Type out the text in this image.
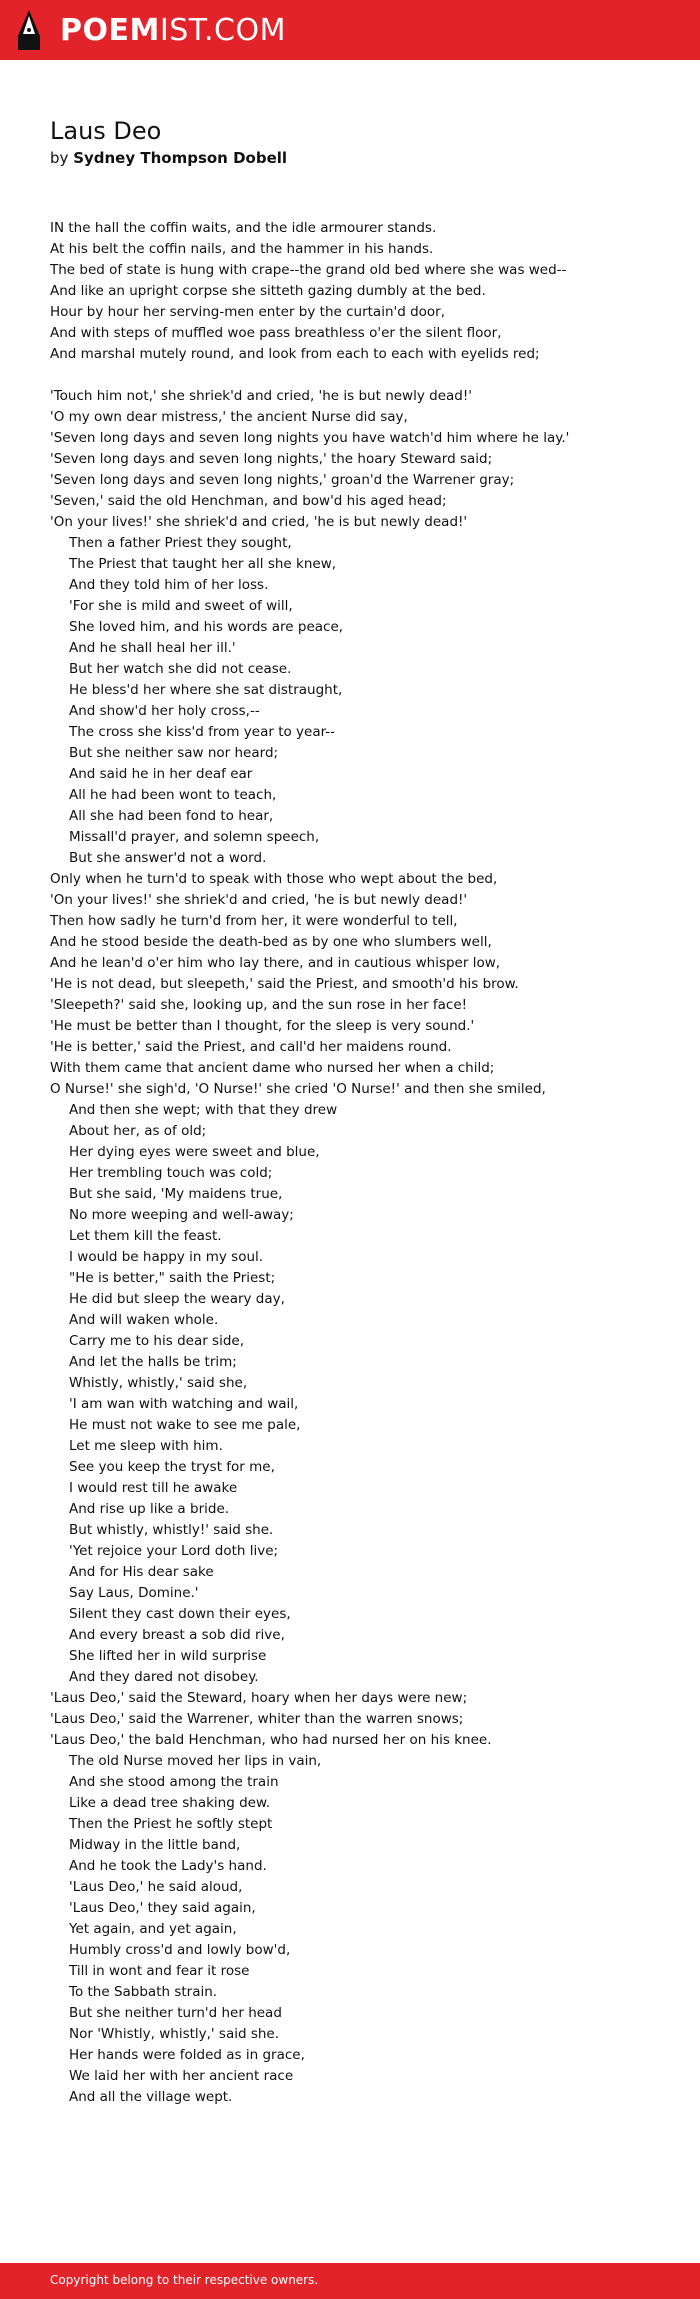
POEMIST.COM
Laus Deo
by Sydney Thompson Dobell
IN the hall the coffin waits, and the idle armourer stands.
At his belt the coffin nails, and the hammer in his hands.
The bed of state is hung with crape--the grand old bed where she was wed--
And like an upright corpse she sitteth gazing dumbly at the bed.
Hour by hour her serving-men enter by the curtain'd door,
And with steps of muffled woe pass breathless o'er the silent floor,
And marshal mutely round, and look from each to each with eyelids red;
'Touch him not,' she shriek'd and cried, 'he is but newly dead!'
'O my own dear mistress,' the ancient Nurse did say,
'Seven long days and seven long nights you have watch'd him where he lay.'
'Seven long days and seven long nights,' the hoary Steward said;
'Seven long days and seven long nights,' groan'd the Warrener gray;
'Seven,' said the old Henchman, and bow'd his aged head;
'On your lives!' she shriek'd and cried, 'he is but newly dead!'
Then a father Priest they sought,
The Priest that taught her all she knew,
And they told him of her loss.
'For she is mild and sweet of will,
She loved him, and his words are peace,
And he shall heal her ill.'
But her watch she did not cease.
He bless'd her where she sat distraught,
And show'd her holy cross,--
The cross she kiss'd from year to year--
But she neither saw nor heard;
And said he in her deaf ear
All he had been wont to teach,
All she had been fond to hear,
Missall'd prayer, and solemn speech,
But she answer'd not a word.
Only when he turn'd to speak with those who wept about the bed,
'On your lives!' she shriek'd and cried, 'he is but newly dead!'
Then how sadly he turn'd from her, it were wonderful to tell,
And he stood beside the death-bed as by one who slumbers well,
And he lean'd o'er him who lay there, and in cautious whisper low,
'He is not dead, but sleepeth,' said the Priest, and smooth'd his brow.
'Sleepeth?' said she, looking up, and the sun rose in her face!
'He must be better than I thought, for the sleep is very sound.'
'He is better,' said the Priest, and call'd her maidens round.
With them came that ancient dame who nursed her when a child;
O Nurse!' she sigh'd, 'O Nurse!' she cried 'O Nurse!' and then she smiled,
And then she wept; with that they drew
About her, as of old;
Her dying eyes were sweet and blue,
Her trembling touch was cold;
But she said, 'My maidens true,
No more weeping and well-away;
Let them kill the feast.
I would be happy in my soul.
"He is better," saith the Priest;
He did but sleep the weary day,
And will waken whole.
Carry me to his dear side,
And let the halls be trim;
Whistly, whistly,' said she,
'I am wan with watching and wail,
He must not wake to see me pale,
Let me sleep with him.
See you keep the tryst for me,
I would rest till he awake
And rise up like a bride.
But whistly, whistly!' said she.
'Yet rejoice your Lord doth live;
And for His dear sake
Say Laus, Domine.'
Silent they cast down their eyes,
And every breast a sob did rive,
She lifted her in wild surprise
And they dared not disobey.
'Laus Deo,' said the Steward, hoary when her days were new;
'Laus Deo,' said the Warrener, whiter than the warren snows;
'Laus Deo,' the bald Henchman, who had nursed her on his knee.
The old Nurse moved her lips in vain,
And she stood among the train
Like a dead tree shaking dew.
Then the Priest he softly stept
Midway in the little band,
And he took the Lady's hand.
'Laus Deo,' he said aloud,
'Laus Deo,' they said again,
Yet again, and yet again,
Humbly cross'd and lowly bow'd,
Till in wont and fear it rose
To the Sabbath strain.
But she neither turn'd her head
Nor 'Whistly, whistly,' said she.
Her hands were folded as in grace,
We laid her with her ancient race
And all the village wept.
Copyright belong to their respective owners.
